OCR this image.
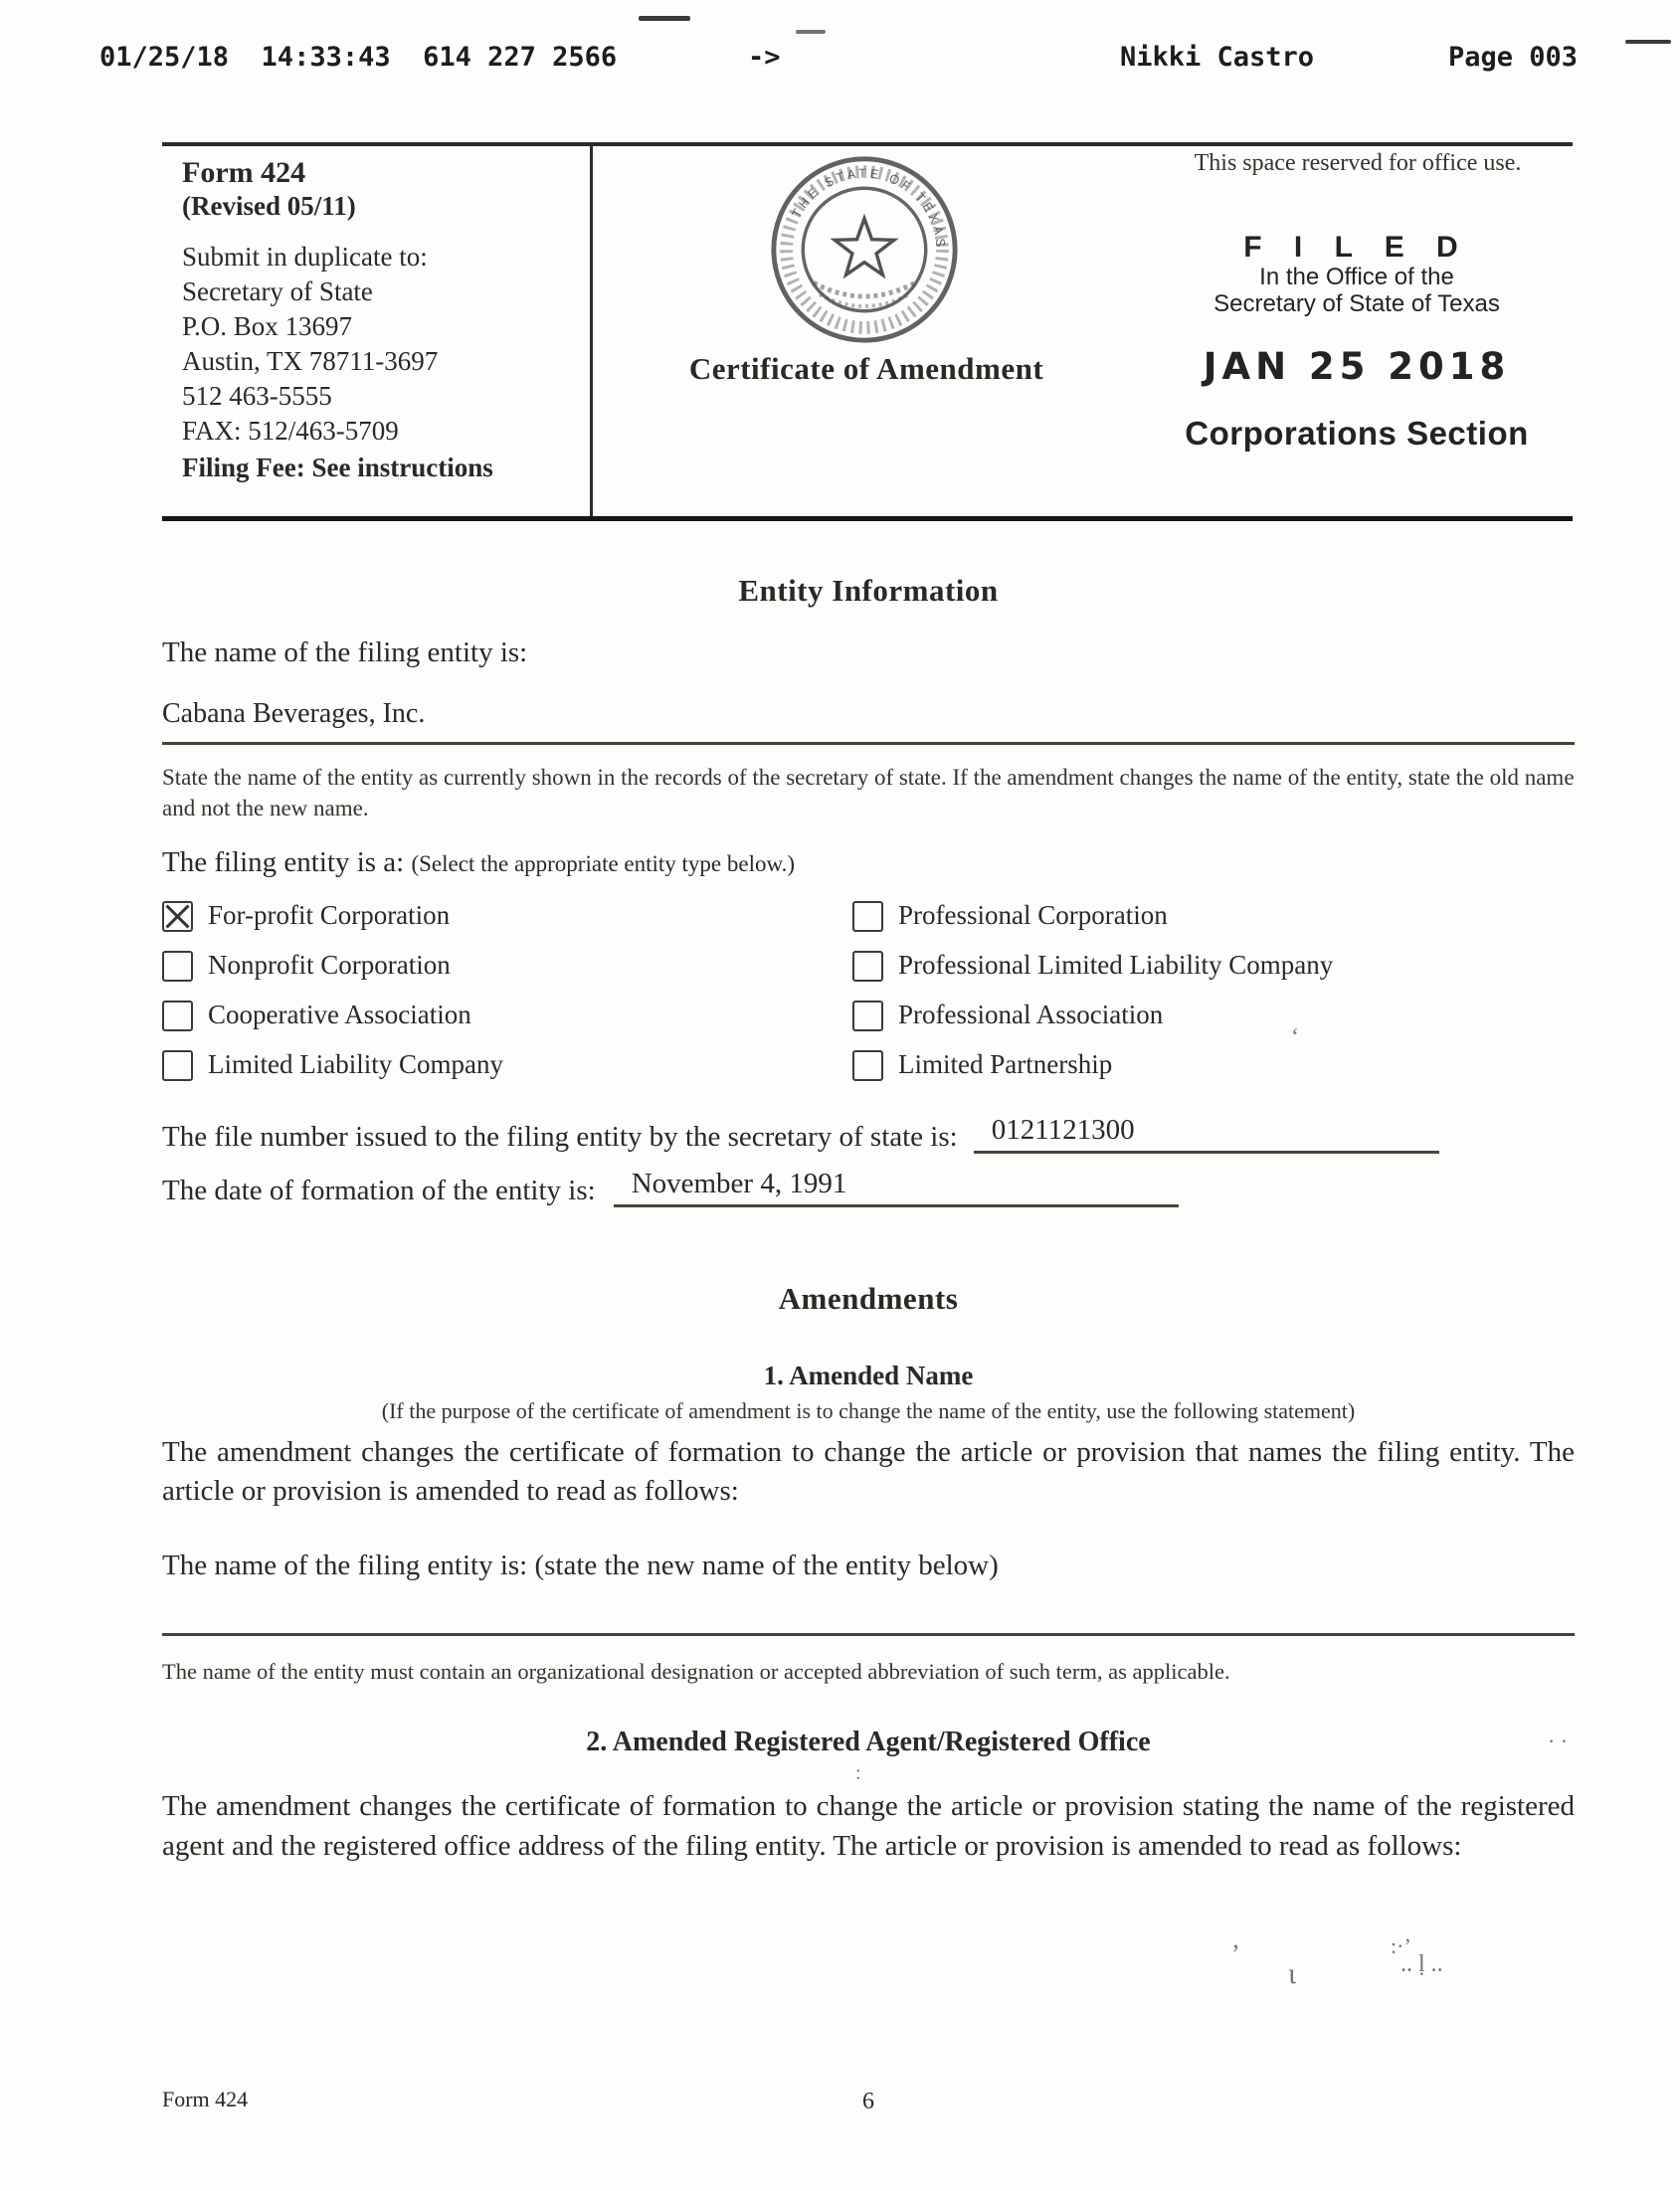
01/25/18  14:33:43  614 227 2566	->	Nikki Castro	Page 003
Form 424
(Revised 05/11)
Submit in duplicate to:
Secretary of State
P.O. Box 13697
Austin, TX 78711-3697
512 463-5555
FAX: 512/463-5709
Filing Fee: See instructions
THE STATE OF TEXAS
Certificate of Amendment
This space reserved for office use.
F I L E D
In the Office of the
Secretary of State of Texas
JAN 25 2018
Corporations Section
Entity Information
The name of the filing entity is:
Cabana Beverages, Inc.
State the name of the entity as currently shown in the records of the secretary of state. If the amendment changes the name of the entity, state the old name and not the new name.
The filing entity is a: (Select the appropriate entity type below.)
For-profit Corporation	Professional Corporation
Nonprofit Corporation	Professional Limited Liability Company
Cooperative Association	Professional Association
Limited Liability Company	Limited Partnership
The file number issued to the filing entity by the secretary of state is:	0121121300
The date of formation of the entity is:	November 4, 1991
Amendments
1. Amended Name
(If the purpose of the certificate of amendment is to change the name of the entity, use the following statement)
The amendment changes the certificate of formation to change the article or provision that names the filing entity. The article or provision is amended to read as follows:
The name of the filing entity is: (state the new name of the entity below)
The name of the entity must contain an organizational designation or accepted abbreviation of such term, as applicable.
2. Amended Registered Agent/Registered Office
The amendment changes the certificate of formation to change the article or provision stating the name of the registered agent and the registered office address of the filing entity. The article or provision is amended to read as follows:
’
ι
:·’
.. ḷ ..
‘
· ·
:
Form 424	6
